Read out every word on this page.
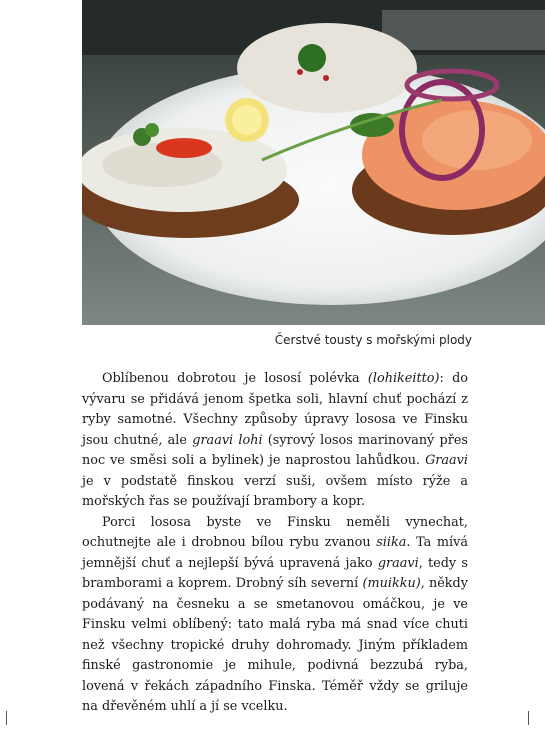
Čerstvé tousty s mořskými plody

Oblíbenou dobrotou je lososí polévka (lohikeitto): do vývaru se přidává jenom špetka soli, hlavní chuť pochází z ryby samotné. Všechny způsoby úpravy lososa ve Finsku jsou chutné, ale graavi lohi (syrový losos marinovaný přes noc ve směsi soli a bylinek) je naprostou lahůdkou. Graavi je v podstatě finskou verzí suši, ovšem místo rýže a mořských řas se používají brambory a kopr.

Porci lososa byste ve Finsku neměli vynechat, ochutnejte ale i drobnou bílou rybu zvanou siika. Ta mívá jemnější chuť a nejlepší bývá upravená jako graavi, tedy s bramborami a koprem. Drobný síh severní (muikku), někdy podávaný na česneku a se smetanovou omáčkou, je ve Finsku velmi oblíbený: tato malá ryba má snad více chuti než všechny tropické druhy dohromady. Jiným příkladem finské gastronomie je mihule, podivná bezzubá ryba, lovená v řekách západního Finska. Téměř vždy se griluje na dřevěném uhlí a jí se vcelku.
